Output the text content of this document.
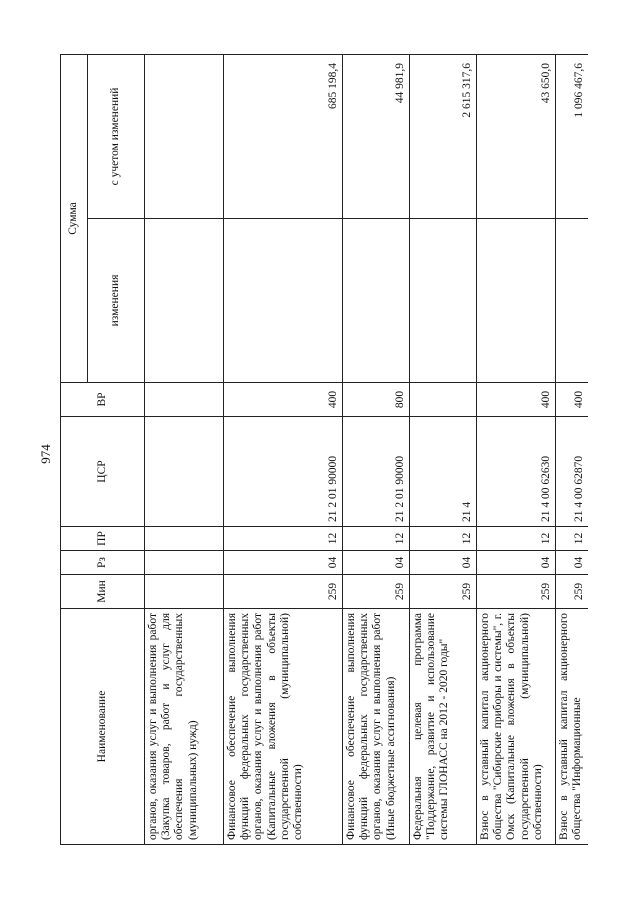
974
Наименование	Мин	Рз	ПР	ЦСР	ВР	Сумма	
						изменения	с учетом изменений
органов, оказания услуг и выполнения работ (Закупка товаров, работ и услуг для обеспечения государственных (муниципальных) нужд)							
Финансовое обеспечение выполнения функций федеральных государственных органов, оказания услуг и выполнения работ (Капитальные вложения в объекты государственной (муниципальной) собственности)	259	04	12	21 2 01 90000	400		685 198,4
Финансовое обеспечение выполнения функций федеральных государственных органов, оказания услуг и выполнения работ (Иные бюджетные ассигнования)	259	04	12	21 2 01 90000	800		44 981,9
Федеральная целевая программа "Поддержание, развитие и использование системы ГЛОНАСС на 2012 - 2020 годы"	259	04	12	21 4			2 615 317,6
Взнос в уставный капитал акционерного общества "Сибирские приборы и системы", г. Омск (Капитальные вложения в объекты государственной (муниципальной) собственности)	259	04	12	21 4 00 62630	400		43 650,0
Взнос в уставный капитал акционерного общества "Информационные	259	04	12	21 4 00 62870	400		1 096 467,6
